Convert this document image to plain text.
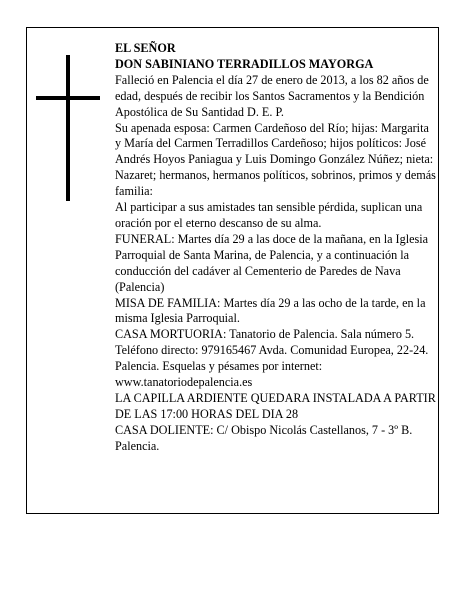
EL SEÑOR

DON SABINIANO TERRADILLOS MAYORGA

Falleció en Palencia el día 27 de enero de 2013, a los 82 años de edad, después de recibir los Santos Sacramentos y la Bendición Apostólica de Su Santidad D. E. P.

Su apenada esposa: Carmen Cardeñoso del Río; hijas: Margarita y María del Carmen Terradillos Cardeñoso; hijos políticos: José Andrés Hoyos Paniagua y Luis Domingo González Núñez; nieta: Nazaret; hermanos, hermanos políticos, sobrinos, primos y demás familia:

Al participar a sus amistades tan sensible pérdida, suplican una oración por el eterno descanso de su alma.

FUNERAL: Martes día 29 a las doce de la mañana, en la Iglesia Parroquial de Santa Marina, de Palencia, y a continuación la conducción del cadáver al Cementerio de Paredes de Nava (Palencia)

MISA DE FAMILIA: Martes día 29 a las ocho de la tarde, en la misma Iglesia Parroquial.

CASA MORTUORIA: Tanatorio de Palencia. Sala número 5. Teléfono directo: 979165467 Avda. Comunidad Europea, 22-24. Palencia. Esquelas y pésames por internet: www.tanatoriodepalencia.es

LA CAPILLA ARDIENTE QUEDARA INSTALADA A PARTIR DE LAS 17:00 HORAS DEL DIA 28

CASA DOLIENTE: C/ Obispo Nicolás Castellanos, 7 - 3º B. Palencia.
